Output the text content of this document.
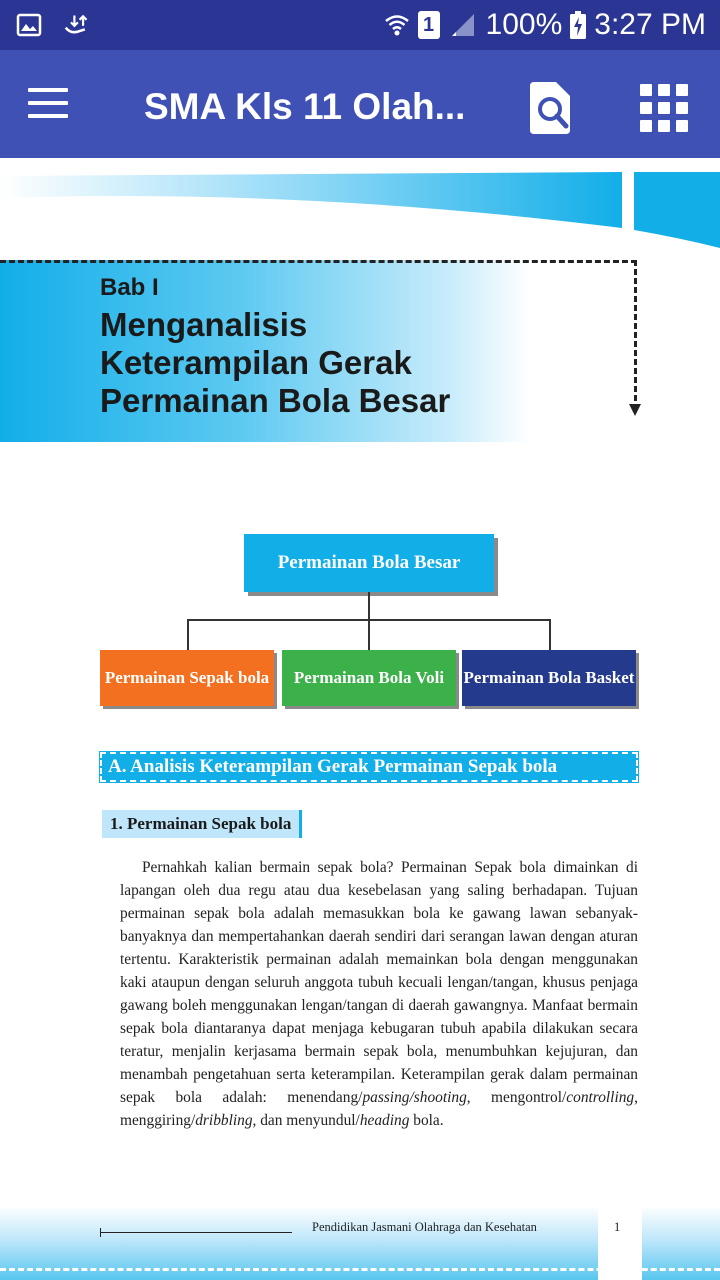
1 100% 3:27 PM
SMA Kls 11 Olah...
Bab I
Menganalisis Keterampilan Gerak Permainan Bola Besar
Permainan Bola Besar
Permainan Sepak bola	Permainan Bola Voli	Permainan Bola Basket
A. Analisis Keterampilan Gerak Permainan Sepak bola
1. Permainan Sepak bola

Pernahkah kalian bermain sepak bola? Permainan Sepak bola dimainkan di lapangan oleh dua regu atau dua kesebelasan yang saling berhadapan. Tujuan permainan sepak bola adalah memasukkan bola ke gawang lawan sebanyak-banyaknya dan mempertahankan daerah sendiri dari serangan lawan dengan aturan tertentu. Karakteristik permainan adalah memainkan bola dengan menggunakan kaki ataupun dengan seluruh anggota tubuh kecuali lengan/tangan, khusus penjaga gawang boleh menggunakan lengan/tangan di daerah gawangnya. Manfaat bermain sepak bola diantaranya dapat menjaga kebugaran tubuh apabila dilakukan secara teratur, menjalin kerjasama bermain sepak bola, menumbuhkan kejujuran, dan menambah pengetahuan serta keterampilan. Keterampilan gerak dalam permainan sepak bola adalah: menendang/passing/shooting, mengontrol/controlling, menggiring/dribbling, dan menyundul/heading bola.

Pendidikan Jasmani Olahraga dan Kesehatan	1
